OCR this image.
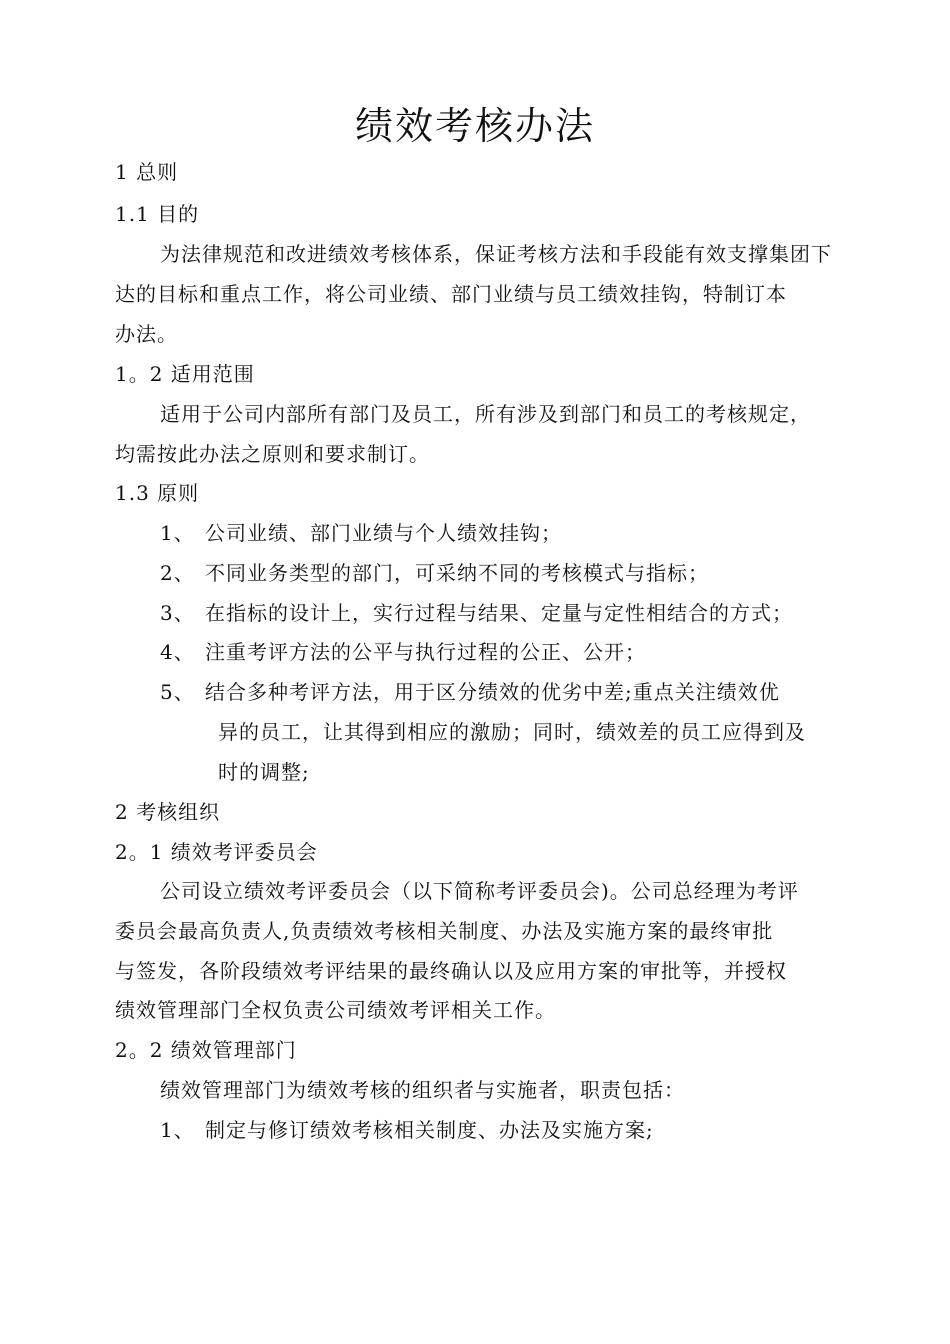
绩效考核办法
1 总则
1.1 目的
为法律规范和改进绩效考核体系，保证考核方法和手段能有效支撑集团下
达的目标和重点工作，将公司业绩、部门业绩与员工绩效挂钩，特制订本
办法。
1。2 适用范围
适用于公司内部所有部门及员工，所有涉及到部门和员工的考核规定，
均需按此办法之原则和要求制订。
1.3 原则
1、 公司业绩、部门业绩与个人绩效挂钩；
2、 不同业务类型的部门，可采纳不同的考核模式与指标；
3、 在指标的设计上，实行过程与结果、定量与定性相结合的方式；
4、 注重考评方法的公平与执行过程的公正、公开；
5、 结合多种考评方法，用于区分绩效的优劣中差;重点关注绩效优
异的员工，让其得到相应的激励；同时，绩效差的员工应得到及
时的调整;
2 考核组织
2。1 绩效考评委员会
公司设立绩效考评委员会（以下简称考评委员会)。公司总经理为考评
委员会最高负责人,负责绩效考核相关制度、办法及实施方案的最终审批
与签发，各阶段绩效考评结果的最终确认以及应用方案的审批等，并授权
绩效管理部门全权负责公司绩效考评相关工作。
2。2 绩效管理部门
绩效管理部门为绩效考核的组织者与实施者，职责包括：
1、 制定与修订绩效考核相关制度、办法及实施方案;
